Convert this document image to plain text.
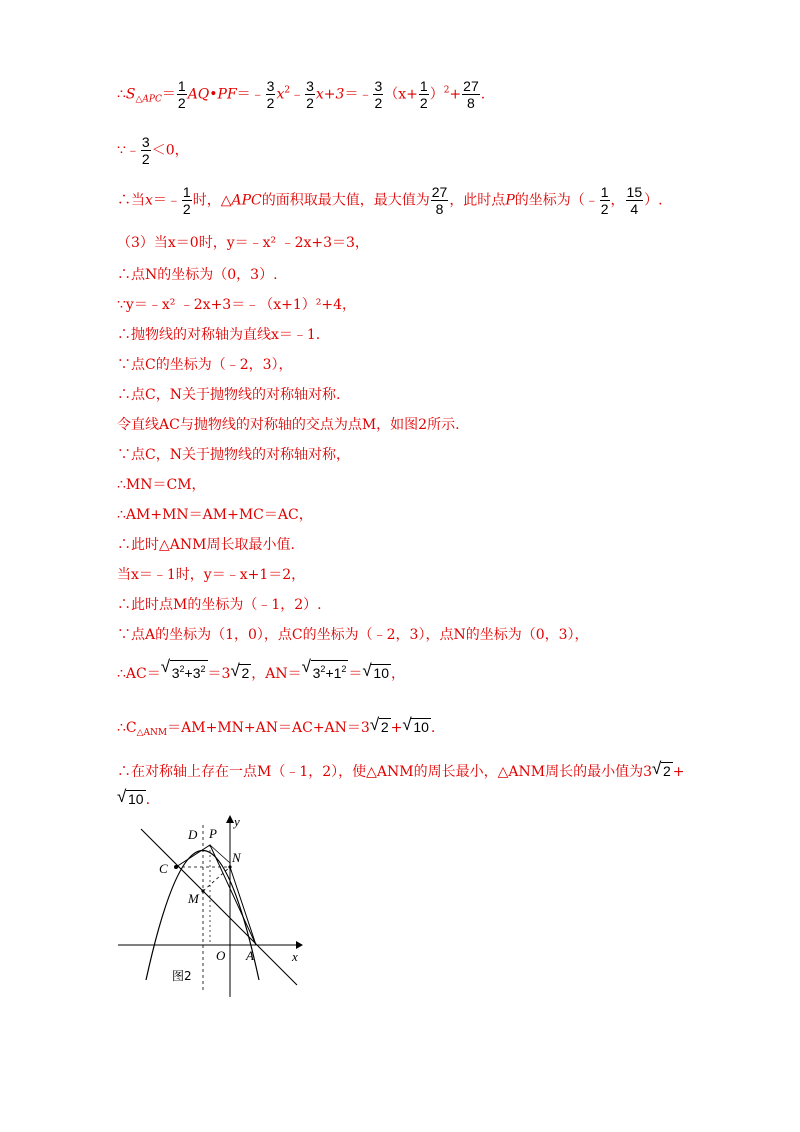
$\therefore S_{\triangle APC}= \frac{1}{2}$ AQ•PF＝﹣ $\frac{3}{2}$ $x^2﹣ \frac{3}{2}$ x+3＝﹣ $\frac{3}{2} (x+ \frac{1}{2} )^2+ \frac{27}{8}$ .
∵﹣ $\frac{3}{2} <0$，
∴当x＝﹣ $\frac{1}{2}$ 时，△APC的面积取最大值，最大值为 $\frac{27}{8}$ ，此时点P的坐标为（﹣ $\frac{1}{2}$ ， $\frac{15}{4}$ ）.
（3）当x＝0时，y＝﹣x² ﹣2x+3＝3，
∴点N的坐标为（0，3）.
∵y＝﹣x² ﹣2x+3＝﹣（x+1）²+4，
∴抛物线的对称轴为直线x＝﹣1.
∵点C的坐标为（﹣2，3），
∴点C，N关于抛物线的对称轴对称.
令直线AC与抛物线的对称轴的交点为点M，如图2所示.
∵点C，N关于抛物线的对称轴对称，
∴MN＝CM，
∴AM+MN＝AM+MC＝AC，
∴此时△ANM周长取最小值.
当x＝﹣1时，y＝﹣x+1＝2，
∴此时点M的坐标为（﹣1，2）.
∵点A的坐标为（1，0），点C的坐标为（﹣2，3），点N的坐标为（0，3），
∴AC＝ √ $3^2+3^2 =3$ √ 2 ，AN＝ √ $3^2+1^2$ ＝ √ 10 ，
$\therefore C_{\triangle ANM}=AM+MN+AN=AC+AN=3$ √ 2 + √ 10 .
∴在对称轴上存在一点M（﹣1，2），使△ANM的周长最小，△ANM周长的最小值为3 √ 2 +
√ 10 .
D P
y
N
C
M
O A	x
图2
